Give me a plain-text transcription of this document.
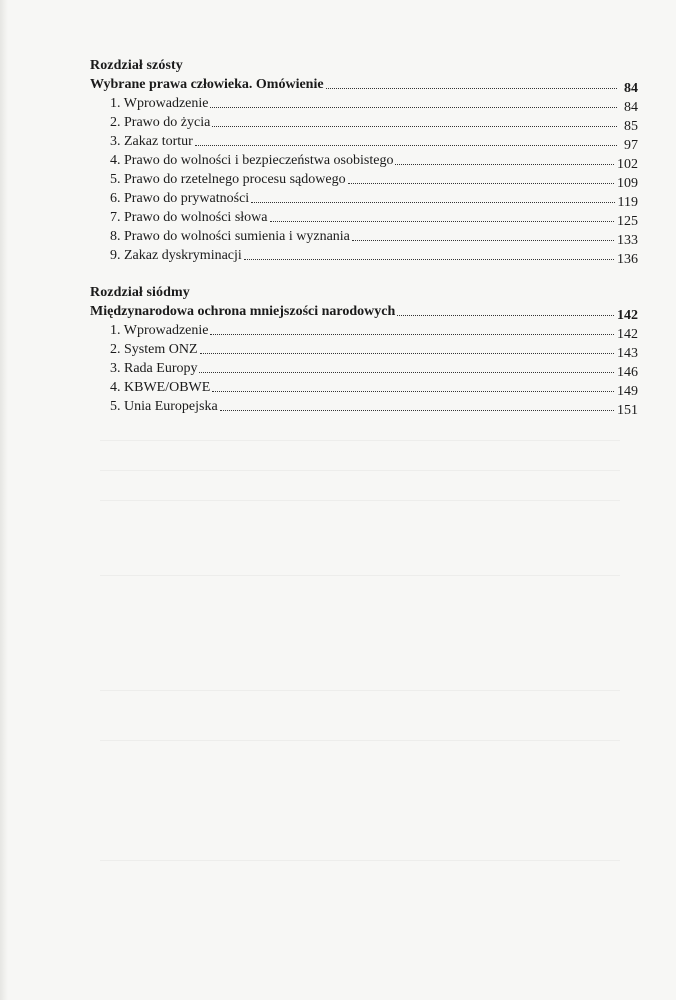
Rozdział szósty
Wybrane prawa człowieka. Omówienie	84
1. Wprowadzenie	84
2. Prawo do życia	85
3. Zakaz tortur	97
4. Prawo do wolności i bezpieczeństwa osobistego	102
5. Prawo do rzetelnego procesu sądowego	109
6. Prawo do prywatności	119
7. Prawo do wolności słowa	125
8. Prawo do wolności sumienia i wyznania	133
9. Zakaz dyskryminacji	136
Rozdział siódmy
Międzynarodowa ochrona mniejszości narodowych	142
1. Wprowadzenie	142
2. System ONZ	143
3. Rada Europy	146
4. KBWE/OBWE	149
5. Unia Europejska	151
